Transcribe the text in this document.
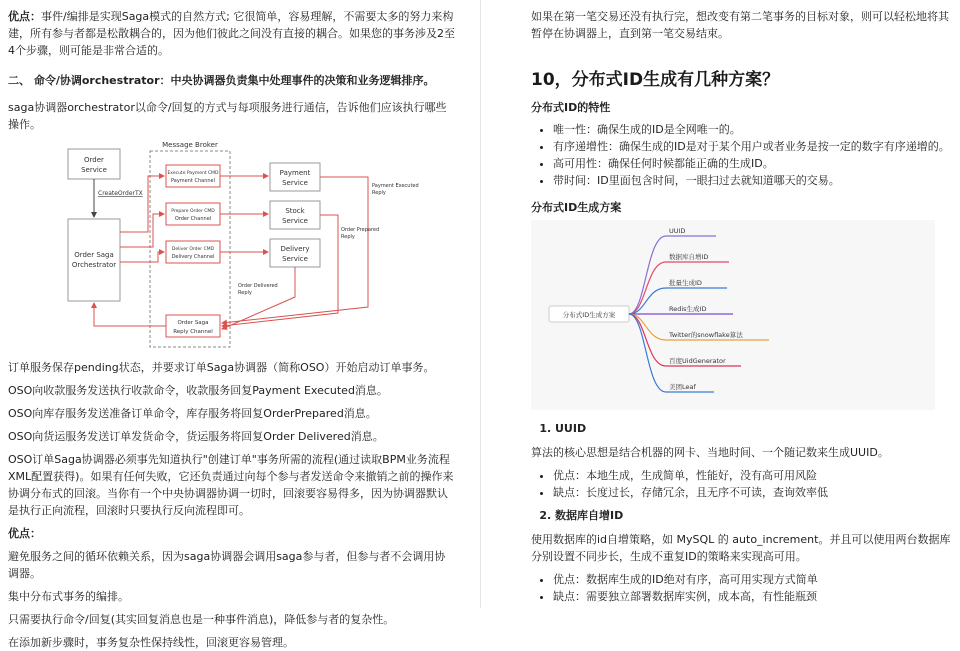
优点：事件/编排是实现Saga模式的自然方式; 它很简单，容易理解，不需要太多的努力来构建，所有参与者都是松散耦合的，因为他们彼此之间没有直接的耦合。如果您的事务涉及2至4个步骤，则可能是非常合适的。

二、 命令/协调orchestrator：中央协调器负责集中处理事件的决策和业务逻辑排序。

saga协调器orchestrator以命令/回复的方式与每项服务进行通信，告诉他们应该执行哪些操作。

Order
Service
CreateOrderTX
Order Saga
Orchestrator
Message Broker
Execute Payment CMD
Payment Channel
Prepare Order CMD
Order Channel
Deliver Order CMD
Delivery Channel
Order Saga
Reply Channel
Payment
Service
Stock
Service
Delivery
Service
Payment Executed
Reply
Order Prepared
Reply
Order Delivered
Reply

订单服务保存pending状态，并要求订单Saga协调器（简称OSO）开始启动订单事务。

OSO向收款服务发送执行收款命令，收款服务回复Payment Executed消息。

OSO向库存服务发送准备订单命令，库存服务将回复OrderPrepared消息。

OSO向货运服务发送订单发货命令，货运服务将回复Order Delivered消息。

OSO订单Saga协调器必须事先知道执行"创建订单"事务所需的流程(通过读取BPM业务流程XML配置获得)。如果有任何失败，它还负责通过向每个参与者发送命令来撤销之前的操作来协调分布式的回滚。当你有一个中央协调器协调一切时，回滚要容易得多，因为协调器默认是执行正向流程，回滚时只要执行反向流程即可。

优点：

避免服务之间的循环依赖关系，因为saga协调器会调用saga参与者，但参与者不会调用协调器。

集中分布式事务的编排。

只需要执行命令/回复(其实回复消息也是一种事件消息)，降低参与者的复杂性。

在添加新步骤时，事务复杂性保持线性，回滚更容易管理。

如果在第一笔交易还没有执行完，想改变有第二笔事务的目标对象，则可以轻松地将其暂停在协调器上，直到第一笔交易结束。

10，分布式ID生成有几种方案？

分布式ID的特性

• 唯一性：确保生成的ID是全网唯一的。
• 有序递增性：确保生成的ID是对于某个用户或者业务是按一定的数字有序递增的。
• 高可用性：确保任何时候都能正确的生成ID。
• 带时间：ID里面包含时间，一眼扫过去就知道哪天的交易。

分布式ID生成方案

分布式ID生成方案
UUID
数据库自增ID
批量生成ID
Redis生成ID
Twitter的snowflake算法
百度UidGenerator
美团Leaf
1. UUID

算法的核心思想是结合机器的网卡、当地时间、一个随记数来生成UUID。

• 优点：本地生成，生成简单，性能好，没有高可用风险
• 缺点：长度过长，存储冗余，且无序不可读，查询效率低
2. 数据库自增ID

使用数据库的id自增策略，如 MySQL 的 auto_increment。并且可以使用两台数据库分别设置不同步长，生成不重复ID的策略来实现高可用。

• 优点：数据库生成的ID绝对有序，高可用实现方式简单
• 缺点：需要独立部署数据库实例，成本高，有性能瓶颈
